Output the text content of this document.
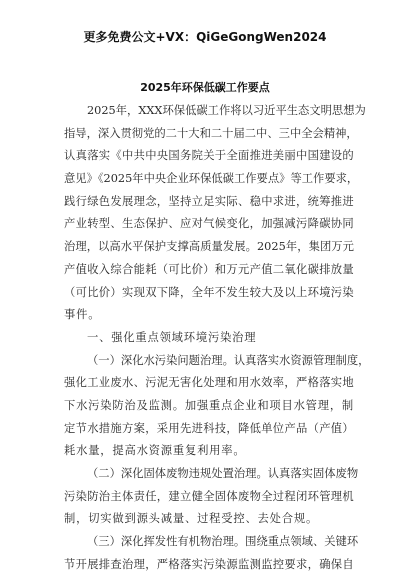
更多免费公文+VX：QiGeGongWen2024
2025年环保低碳工作要点
2025年，XXX环保低碳工作将以习近平生态文明思想为
指导，深入贯彻党的二十大和二十届二中、三中全会精神，
认真落实《中共中央国务院关于全面推进美丽中国建设的
意见》《2025年中央企业环保低碳工作要点》等工作要求，
践行绿色发展理念，坚持立足实际、稳中求进，统筹推进
产业转型、生态保护、应对气候变化，加强减污降碳协同
治理，以高水平保护支撑高质量发展。2025年，集团万元
产值收入综合能耗（可比价）和万元产值二氧化碳排放量
（可比价）实现双下降，全年不发生较大及以上环境污染
事件。
一、强化重点领域环境污染治理
（一）深化水污染问题治理。认真落实水资源管理制度，
强化工业废水、污泥无害化处理和用水效率，严格落实地
下水污染防治及监测。加强重点企业和项目水管理，制
定节水措施方案，采用先进科技，降低单位产品（产值）
耗水量，提高水资源重复利用率。
（二）深化固体废物违规处置治理。认真落实固体废物
污染防治主体责任，建立健全固体废物全过程闭环管理机
制，切实做到源头减量、过程受控、去处合规。
（三）深化挥发性有机物治理。围绕重点领域、关键环
节开展排查治理，严格落实污染源监测监控要求，确保自
